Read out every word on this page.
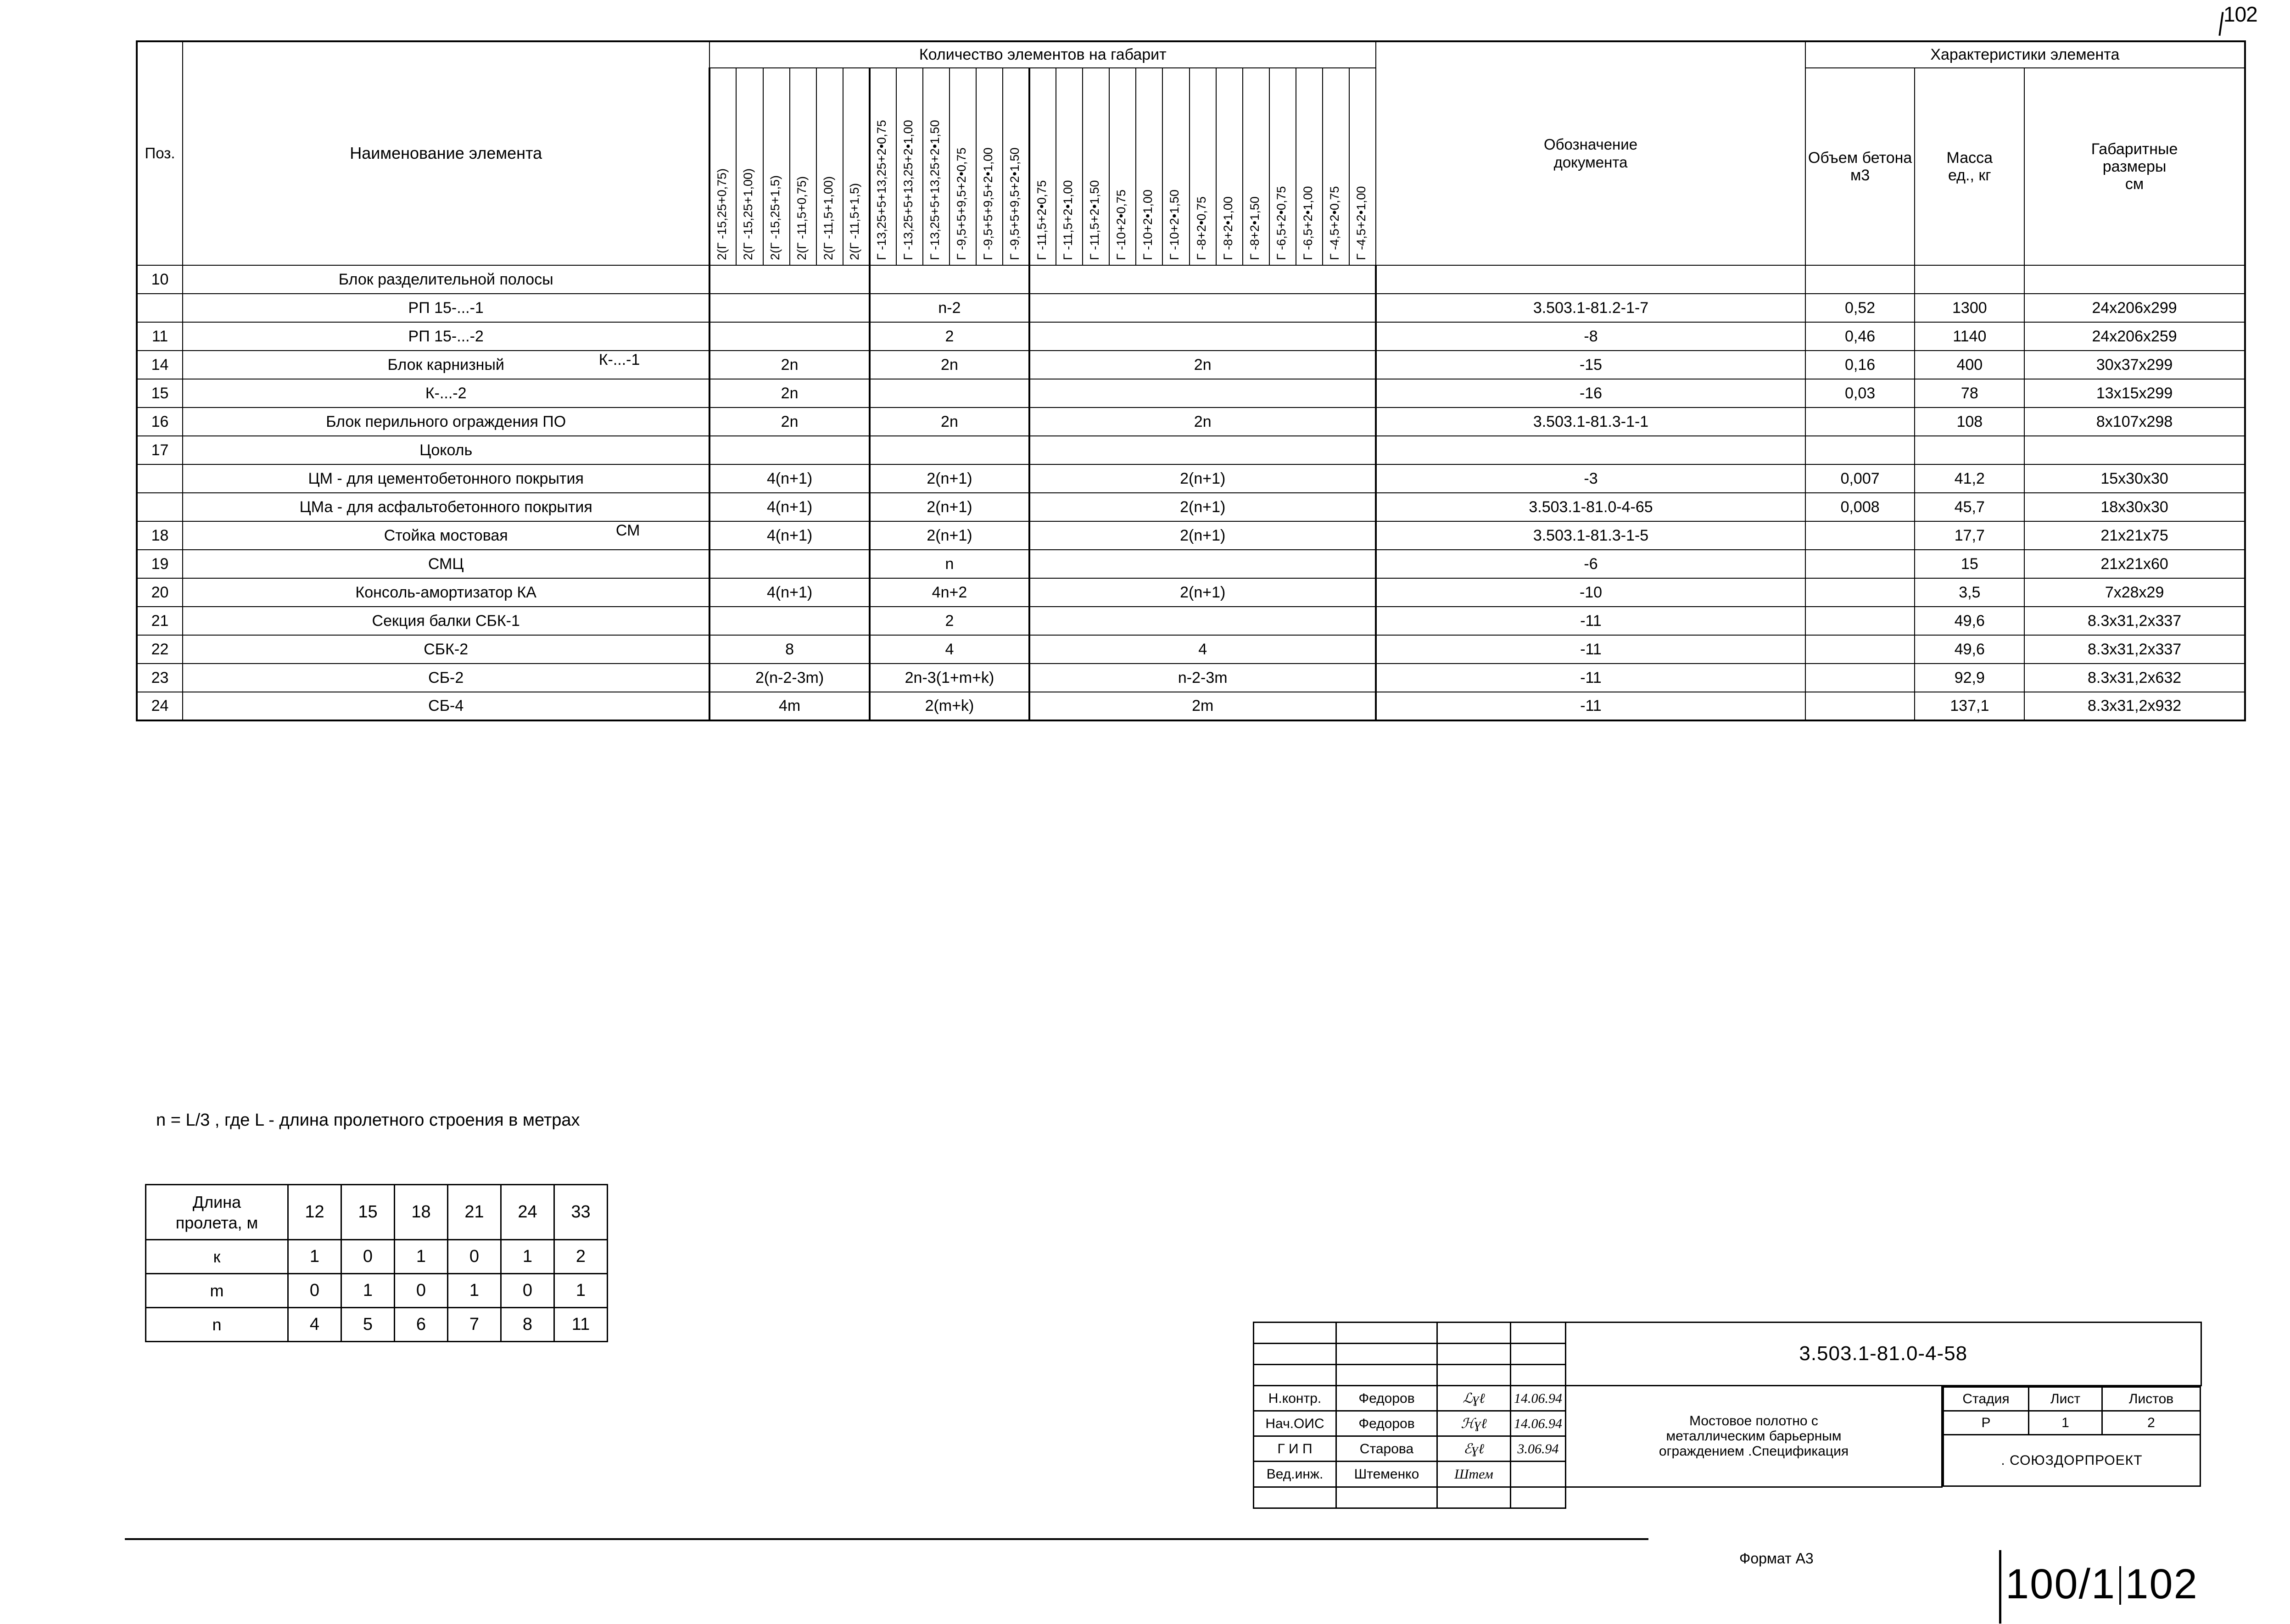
102
Поз.	Наименование элемента	Количество элементов на габарит																									Обозначение
документа	Характеристики элемента		

		2(Г -15,25+0,75)	2(Г -15,25+1,00)	2(Г -15,25+1,5)	2(Г -11,5+0,75)	2(Г -11,5+1,00)	2(Г -11,5+1,5)	Г -13,25+5+13,25+2•0,75	Г -13,25+5+13,25+2•1,00	Г -13,25+5+13,25+2•1,50	Г -9,5+5+9,5+2•0,75	Г -9,5+5+9,5+2•1,00	Г -9,5+5+9,5+2•1,50	Г -11,5+2•0,75	Г -11,5+2•1,00	Г -11,5+2•1,50	Г -10+2•0,75	Г -10+2•1,00	Г -10+2•1,50	Г -8+2•0,75	Г -8+2•1,00	Г -8+2•1,50	Г -6,5+2•0,75	Г -6,5+2•1,00	Г -4,5+2•0,75	Г -4,5+2•1,00		Объем бетона
м3	Масса
ед., кг	Габаритные
размеры
см
10	Блок разделительной полосы																													
	РП 15-...-1							n-2																			3.503.1-81.2-1-7	0,52	1300	24x206x299
11	РП 15-...-2							2																			-8	0,46	1140	24x206x259
14	Блок карнизный К-...-1	2n						2n						2n													-15	0,16	400	30x37x299
15	К-...-2	2n																									-16	0,03	78	13x15x299
16	Блок перильного ограждения ПО	2n						2n						2n													3.503.1-81.3-1-1		108	8x107x298
17	Цоколь																													
	ЦМ - для цементобетонного покрытия	4(n+1)						2(n+1)						2(n+1)													-3	0,007	41,2	15x30x30
	ЦМа - для асфальтобетонного покрытия	4(n+1)						2(n+1)						2(n+1)													3.503.1-81.0-4-65	0,008	45,7	18x30x30
18	Стойка мостовая СМ	4(n+1)						2(n+1)						2(n+1)													3.503.1-81.3-1-5		17,7	21x21x75
19	СМЦ							n																			-6		15	21x21x60
20	Консоль-амортизатор КА	4(n+1)						4n+2						2(n+1)													-10		3,5	7x28x29
21	Секция балки СБК-1							2																			-11		49,6	8.3x31,2x337
22	СБК-2	8						4						4													-11		49,6	8.3x31,2x337
23	СБ-2	2(n-2-3m)						2n-3(1+m+k)						n-2-3m													-11		92,9	8.3x31,2x632
24	СБ-4	4m						2(m+k)						2m													-11		137,1	8.3x31,2x932
n = L/3 , где L - длина пролетного строения в метрах
Длина
пролета, м	12	15	18	21	24	33
к	1	0	1	0	1	2
m	0	1	0	1	0	1
n	4	5	6	7	8	11

3.503.1-81.0-4-58

Н.контр.	Федоров	ℒɣℓ	14.06.94	
Мостовое полотно с
металлическим барьерным
ограждением .Спецификация

Стадия	Лист	Листов
Р	1	2
. СОЮЗДОРПРОЕКТ

Нач.ОИС	Федоров	ℋɣℓ	14.06.94
Г И П	Старова	ℰɣℓ	3.06.94
Вед.инж.	Штеменко	Штем	

Формат А3
100/1 102
